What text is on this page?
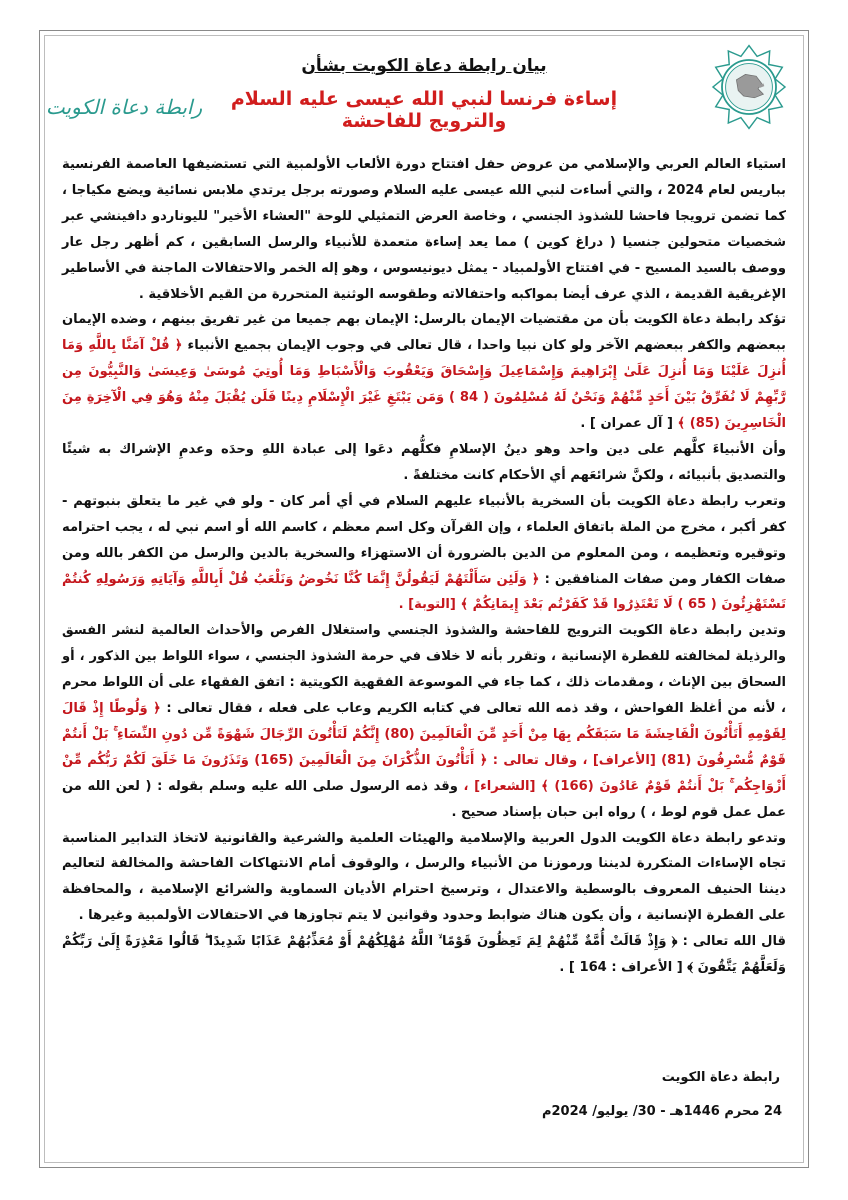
رابطة دعاة الكويت
بيان رابطة دعاة الكويت بشأن
إساءة فرنسا لنبي الله عيسى عليه السلام والترويج للفاحشة

استياء العالم العربي والإسلامي من عروض حفل افتتاح دورة الألعاب الأولمبية التي تستضيفها العاصمة الفرنسية بباريس لعام 2024 ، والتي أساءت لنبي الله عيسى عليه السلام وصورته برجل يرتدي ملابس نسائية ويضع مكياجا ، كما تضمن ترويجا فاحشا للشذوذ الجنسي ، وخاصة العرض التمثيلي للوحة "العشاء الأخير" لليوناردو دافينشي عبر شخصيات متحولين جنسيا ( دراغ كوين ) مما يعد إساءة متعمدة للأنبياء والرسل السابقين ، كم أظهر رجل عار ووصف بالسيد المسيح - في افتتاح الأولمبياد - يمثل ديونيسوس ، وهو إله الخمر والاحتفالات الماجنة في الأساطير الإغريقية القديمة ، الذي عرف أيضا بمواكبه واحتفالاته وطقوسه الوثنية المتحررة من القيم الأخلاقية .

تؤكد رابطة دعاة الكويت بأن من مقتضيات الإيمان بالرسل: الإيمان بهم جميعا من غير تفريق بينهم ، وضده الإيمان ببعضهم والكفر ببعضهم الآخر ولو كان نبيا واحدا ، قال تعالى في وجوب الإيمان بجميع الأنبياء ﴿ قُلْ آمَنَّا بِاللَّهِ وَمَا أُنزِلَ عَلَيْنَا وَمَا أُنزِلَ عَلَىٰ إِبْرَاهِيمَ وَإِسْمَاعِيلَ وَإِسْحَاقَ وَيَعْقُوبَ وَالْأَسْبَاطِ وَمَا أُوتِيَ مُوسَىٰ وَعِيسَىٰ وَالنَّبِيُّونَ مِن رَّبِّهِمْ لَا نُفَرِّقُ بَيْنَ أَحَدٍ مِّنْهُمْ وَنَحْنُ لَهُ مُسْلِمُونَ ( 84 ) وَمَن يَبْتَغِ غَيْرَ الْإِسْلَامِ دِينًا فَلَن يُقْبَلَ مِنْهُ وَهُوَ فِي الْآخِرَةِ مِنَ الْخَاسِرِينَ (85) ﴾ [ آل عمران ] .

وأن الأنبياءَ كلَّهم على دين واحد وهو دينُ الإسلامِ فكلُّهم دعَوا إلى عبادة اللهِ وحدَه وعدمِ الإشراك به شيئًا والتصديق بأنبيائه ، ولكنَّ شرائعَهم أي الأحكام كانت مختلفةً .

وتعرب رابطة دعاة الكويت بأن السخرية بالأنبياء عليهم السلام في أي أمر كان - ولو في غير ما يتعلق بنبوتهم - كفر أكبر ، مخرج من الملة باتفاق العلماء ، وإن القرآن وكل اسم معظم ، كاسم الله أو اسم نبي له ، يجب احترامه وتوقيره وتعظيمه ، ومن المعلوم من الدين بالضرورة أن الاستهزاء والسخرية بالدين والرسل من الكفر بالله ومن صفات الكفار ومن صفات المنافقين : ﴿ وَلَئِن سَأَلْتَهُمْ لَيَقُولُنَّ إِنَّمَا كُنَّا نَخُوضُ وَنَلْعَبُ قُلْ أَبِاللَّهِ وَآيَاتِهِ وَرَسُولِهِ كُنتُمْ تَسْتَهْزِئُونَ ( 65 ) لَا تَعْتَذِرُوا قَدْ كَفَرْتُم بَعْدَ إِيمَانِكُمْ ﴾ [التوبة] .

وتدين رابطة دعاة الكويت الترويج للفاحشة والشذوذ الجنسي واستغلال الفرص والأحداث العالمية لنشر الفسق والرذيلة لمخالفته للفطرة الإنسانية ، وتقرر بأنه لا خلاف في حرمة الشذوذ الجنسي ، سواء اللواط بين الذكور ، أو السحاق بين الإناث ، ومقدمات ذلك ، كما جاء في الموسوعة الفقهية الكويتية : اتفق الفقهاء على أن اللواط محرم ، لأنه من أغلظ الفواحش ، وقد ذمه الله تعالى في كتابه الكريم وعاب على فعله ، فقال تعالى : ﴿ وَلُوطًا إِذْ قَالَ لِقَوْمِهِ أَتَأْتُونَ الْفَاحِشَةَ مَا سَبَقَكُم بِهَا مِنْ أَحَدٍ مِّنَ الْعَالَمِينَ (80) إِنَّكُمْ لَتَأْتُونَ الرِّجَالَ شَهْوَةً مِّن دُونِ النِّسَاءِ ۚ بَلْ أَنتُمْ قَوْمٌ مُّسْرِفُونَ (81) [الأعراف] ، وقال تعالى : ﴿ أَتَأْتُونَ الذُّكْرَانَ مِنَ الْعَالَمِينَ (165) وَتَذَرُونَ مَا خَلَقَ لَكُمْ رَبُّكُم مِّنْ أَزْوَاجِكُم ۚ بَلْ أَنتُمْ قَوْمٌ عَادُونَ (166) ﴾ [الشعراء] ، وقد ذمه الرسول صلى الله عليه وسلم بقوله : ( لعن الله من عمل عمل قوم لوط ، ) رواه ابن حبان بإسناد صحيح .

وتدعو رابطة دعاة الكويت الدول العربية والإسلامية والهيئات العلمية والشرعية والقانونية لاتخاذ التدابير المناسبة تجاه الإساءات المتكررة لديننا ورموزنا من الأنبياء والرسل ، والوقوف أمام الانتهاكات الفاحشة والمخالفة لتعاليم ديننا الحنيف المعروف بالوسطية والاعتدال ، وترسيخ احترام الأديان السماوية والشرائع الإسلامية ، والمحافظة على الفطرة الإنسانية ، وأن يكون هناك ضوابط وحدود وقوانين لا يتم تجاوزها في الاحتفالات الأولمبية وغيرها .

قال الله تعالى : ﴿ وَإِذْ قَالَتْ أُمَّةٌ مِّنْهُمْ لِمَ تَعِظُونَ قَوْمًا ۙ اللَّهُ مُهْلِكُهُمْ أَوْ مُعَذِّبُهُمْ عَذَابًا شَدِيدًا ۖ قَالُوا مَعْذِرَةً إِلَىٰ رَبِّكُمْ وَلَعَلَّهُمْ يَتَّقُونَ ﴾ [ الأعراف : 164 ] .

رابطة دعاة الكويت
24 محرم 1446هـ - 30/ يوليو/ 2024م
